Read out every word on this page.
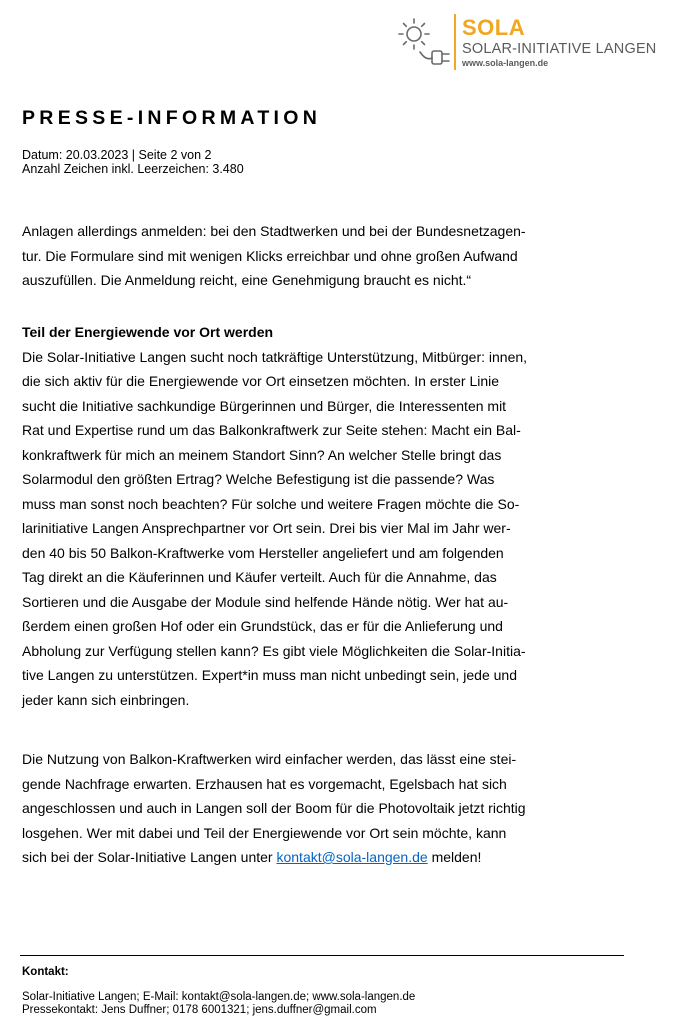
SOLA
SOLAR-INITIATIVE LANGEN
www.sola-langen.de
PRESSE-INFORMATION
Datum: 20.03.2023 | Seite 2 von 2
Anzahl Zeichen inkl. Leerzeichen: 3.480

Anlagen allerdings anmelden: bei den Stadtwerken und bei der Bundesnetzagen-
tur. Die Formulare sind mit wenigen Klicks erreichbar und ohne großen Aufwand
auszufüllen. Die Anmeldung reicht, eine Genehmigung braucht es nicht.“

Teil der Energiewende vor Ort werden

Die Solar-Initiative Langen sucht noch tatkräftige Unterstützung, Mitbürger: innen,
die sich aktiv für die Energiewende vor Ort einsetzen möchten. In erster Linie
sucht die Initiative sachkundige Bürgerinnen und Bürger, die Interessenten mit
Rat und Expertise rund um das Balkonkraftwerk zur Seite stehen: Macht ein Bal-
konkraftwerk für mich an meinem Standort Sinn? An welcher Stelle bringt das
Solarmodul den größten Ertrag? Welche Befestigung ist die passende? Was
muss man sonst noch beachten? Für solche und weitere Fragen möchte die So-
larinitiative Langen Ansprechpartner vor Ort sein. Drei bis vier Mal im Jahr wer-
den 40 bis 50 Balkon-Kraftwerke vom Hersteller angeliefert und am folgenden
Tag direkt an die Käuferinnen und Käufer verteilt. Auch für die Annahme, das
Sortieren und die Ausgabe der Module sind helfende Hände nötig. Wer hat au-
ßerdem einen großen Hof oder ein Grundstück, das er für die Anlieferung und
Abholung zur Verfügung stellen kann? Es gibt viele Möglichkeiten die Solar-Initia-
tive Langen zu unterstützen. Expert*in muss man nicht unbedingt sein, jede und
jeder kann sich einbringen.

Die Nutzung von Balkon-Kraftwerken wird einfacher werden, das lässt eine stei-
gende Nachfrage erwarten. Erzhausen hat es vorgemacht, Egelsbach hat sich
angeschlossen und auch in Langen soll der Boom für die Photovoltaik jetzt richtig
losgehen. Wer mit dabei und Teil der Energiewende vor Ort sein möchte, kann
sich bei der Solar-Initiative Langen unter kontakt@sola-langen.de melden!

Kontakt:
Solar-Initiative Langen; E-Mail: kontakt@sola-langen.de; www.sola-langen.de
Pressekontakt: Jens Duffner; 0178 6001321; jens.duffner@gmail.com
